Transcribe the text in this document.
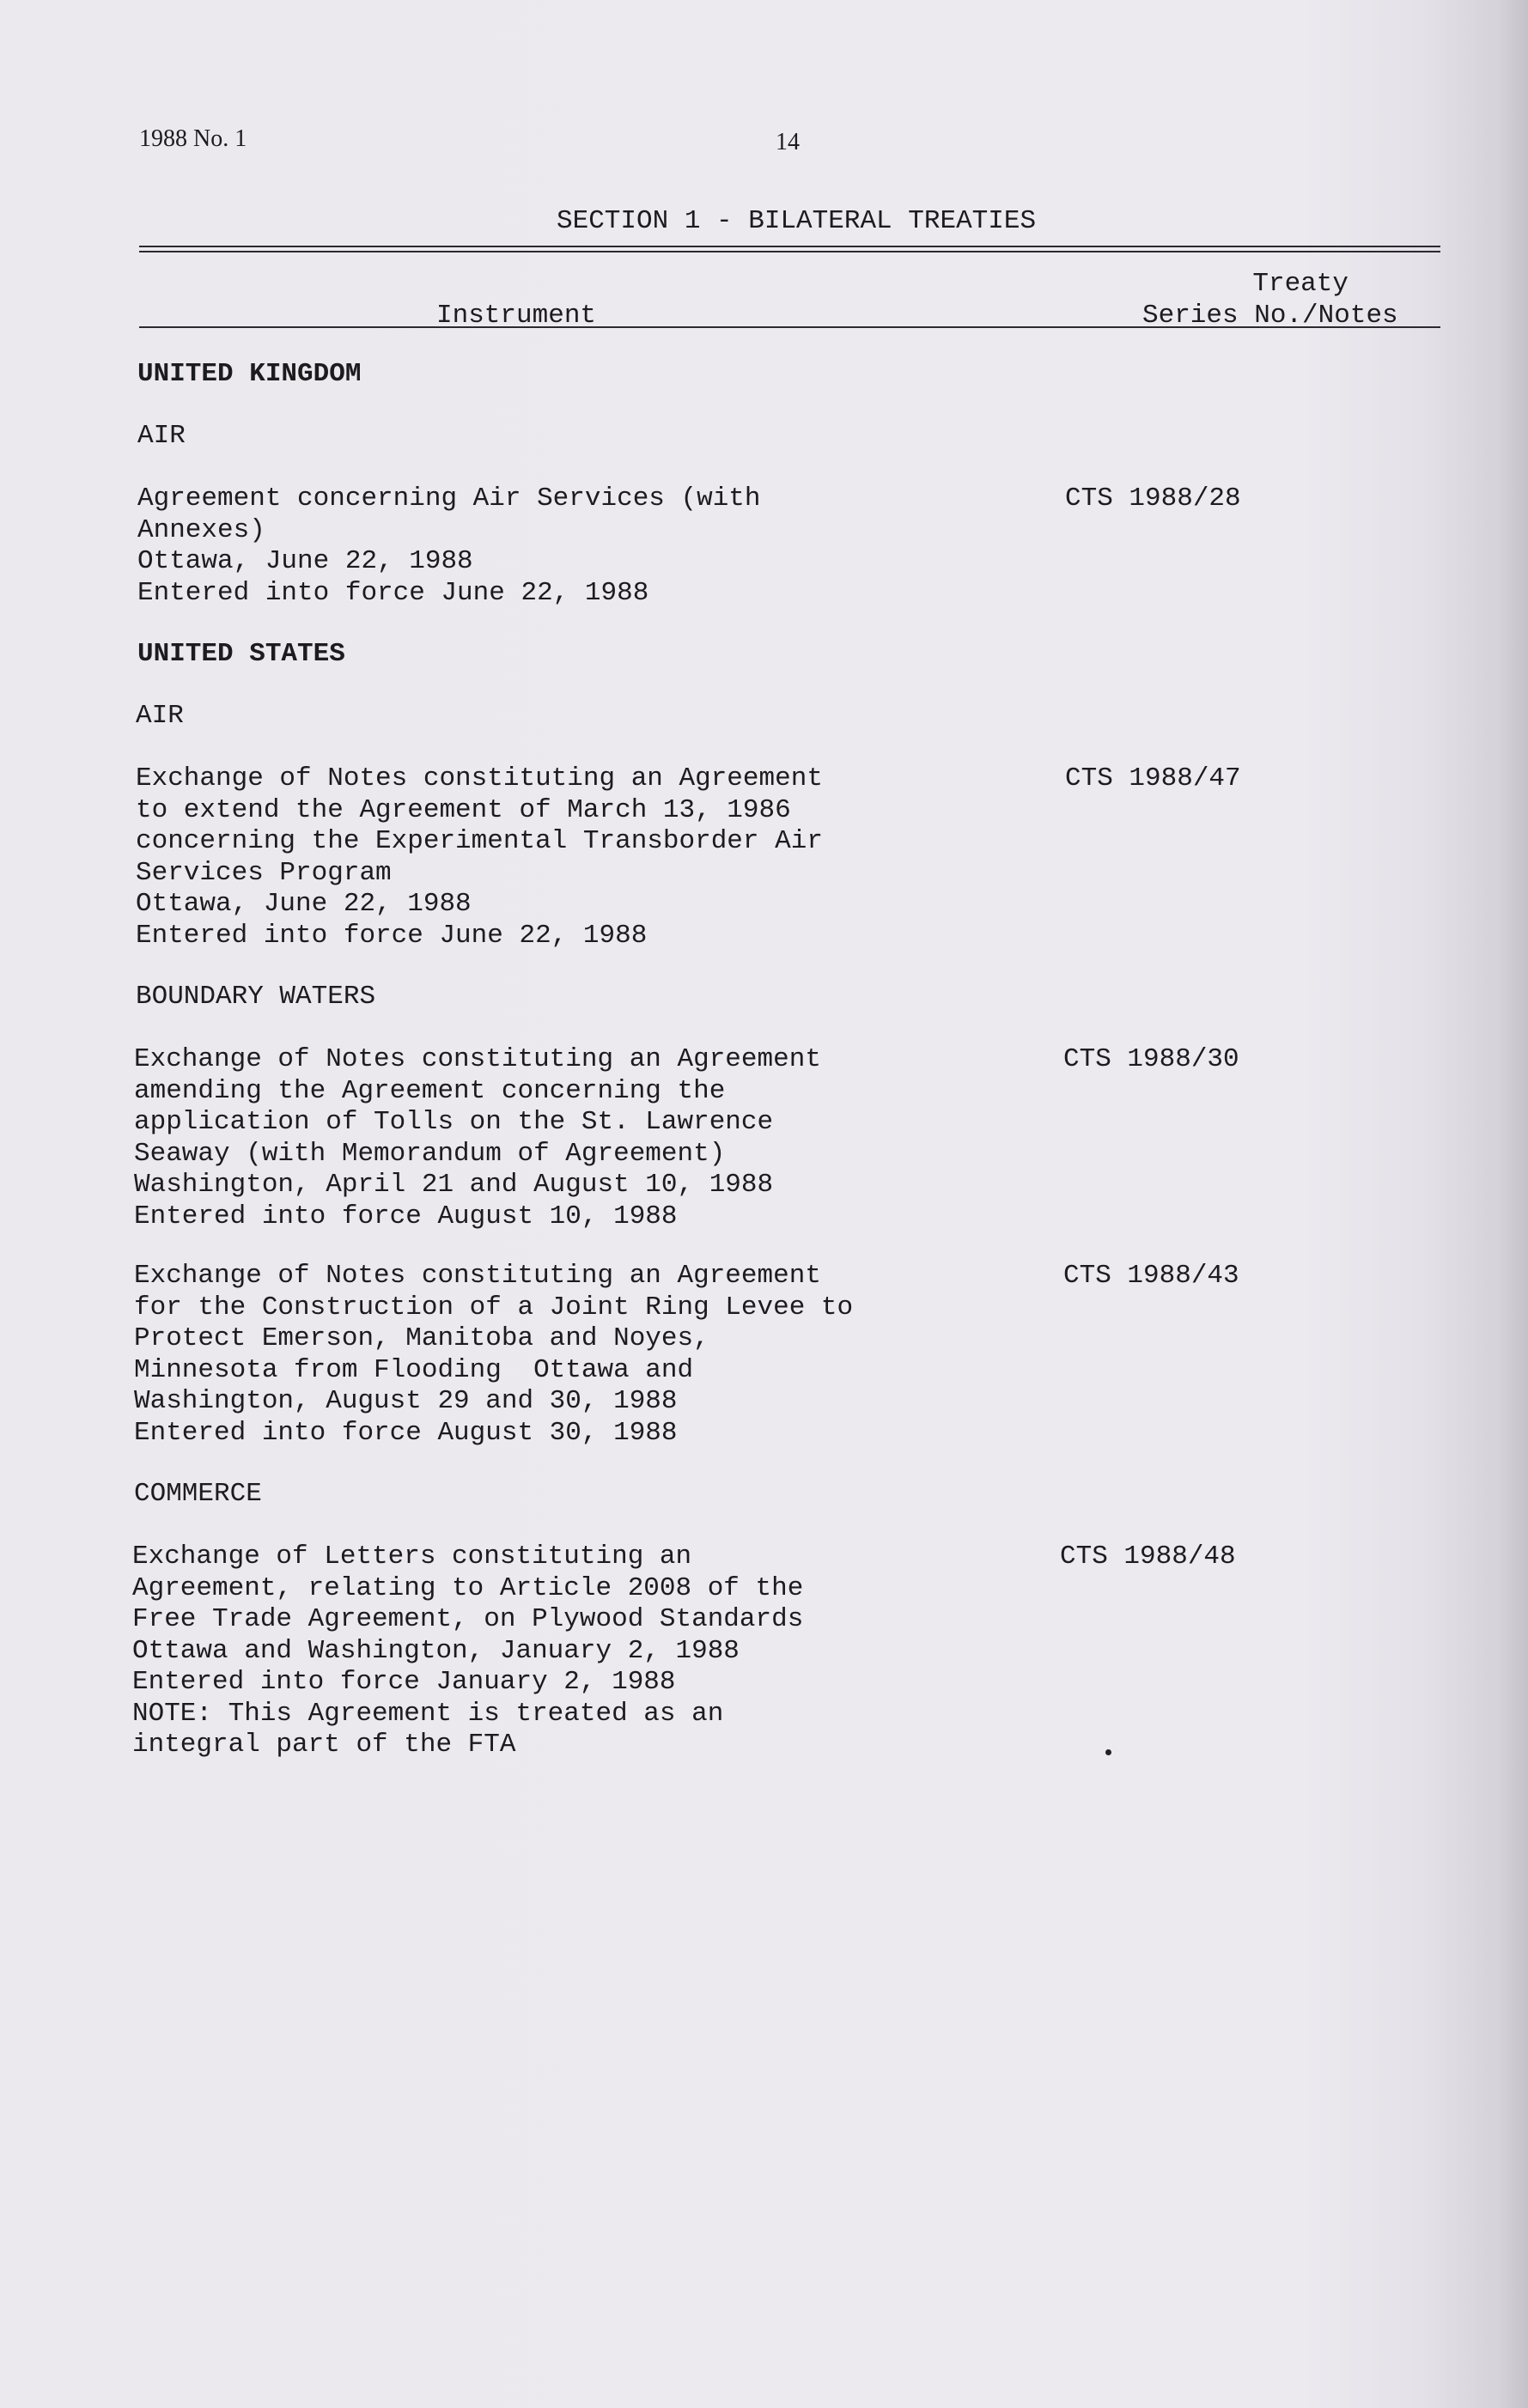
1988 No. 1	14
SECTION 1 - BILATERAL TREATIES
Treaty
Instrument	Series No./Notes
UNITED KINGDOM
AIR
Agreement concerning Air Services (with
Annexes)
Ottawa, June 22, 1988
Entered into force June 22, 1988
CTS 1988/28
UNITED STATES
AIR
Exchange of Notes constituting an Agreement
to extend the Agreement of March 13, 1986
concerning the Experimental Transborder Air
Services Program
Ottawa, June 22, 1988
Entered into force June 22, 1988
CTS 1988/47
BOUNDARY WATERS
Exchange of Notes constituting an Agreement
amending the Agreement concerning the
application of Tolls on the St. Lawrence
Seaway (with Memorandum of Agreement)
Washington, April 21 and August 10, 1988
Entered into force August 10, 1988
CTS 1988/30
Exchange of Notes constituting an Agreement
for the Construction of a Joint Ring Levee to
Protect Emerson, Manitoba and Noyes,
Minnesota from Flooding  Ottawa and
Washington, August 29 and 30, 1988
Entered into force August 30, 1988
CTS 1988/43
COMMERCE
Exchange of Letters constituting an
Agreement, relating to Article 2008 of the
Free Trade Agreement, on Plywood Standards
Ottawa and Washington, January 2, 1988
Entered into force January 2, 1988
NOTE: This Agreement is treated as an
integral part of the FTA
CTS 1988/48
